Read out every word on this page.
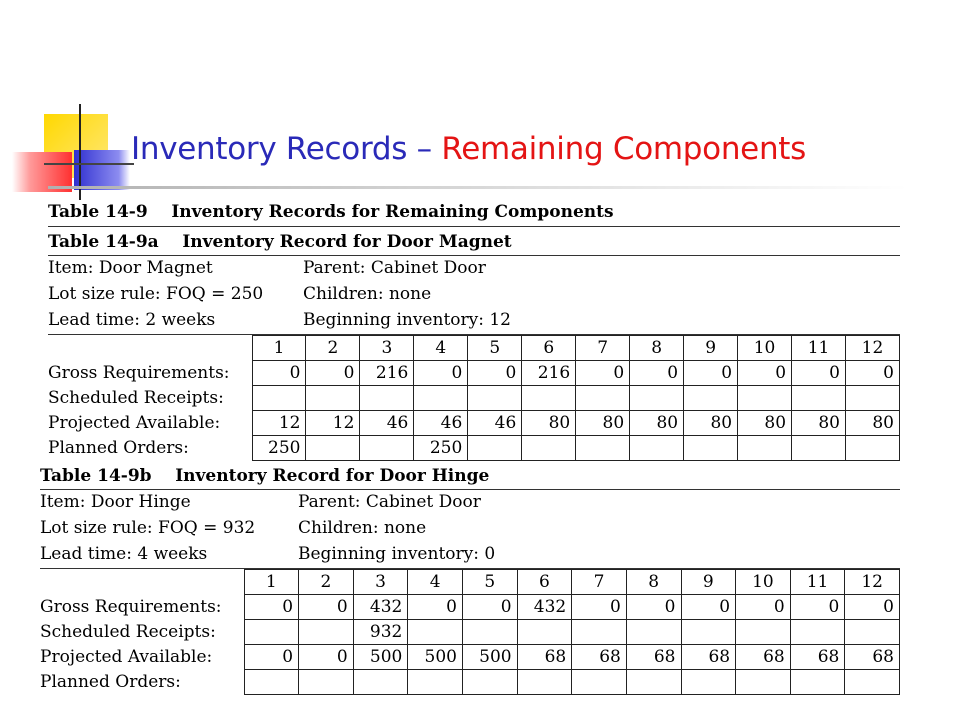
Inventory Records – Remaining Components
Table 14-9    Inventory Records for Remaining Components
Table 14-9a    Inventory Record for Door Magnet
Item: Door Magnet	Parent: Cabinet Door
Lot size rule: FOQ = 250 Children: none
Lead time: 2 weeks	Beginning inventory: 12
	1	2	3	4	5	6	7	8	9	10	11	12
Gross Requirements:	0	0	216	0	0	216	0	0	0	0	0	0
Scheduled Receipts:												
Projected Available:	12	12	46	46	46	80	80	80	80	80	80	80
Planned Orders:	250			250								
Table 14-9b    Inventory Record for Door Hinge
Item: Door Hinge	Parent: Cabinet Door
Lot size rule: FOQ = 932	Children: none
Lead time: 4 weeks	Beginning inventory: 0
	1	2	3	4	5	6	7	8	9	10	11	12
Gross Requirements:	0	0	432	0	0	432	0	0	0	0	0	0
Scheduled Receipts:			932									
Projected Available:	0	0	500	500	500	68	68	68	68	68	68	68
Planned Orders:												
